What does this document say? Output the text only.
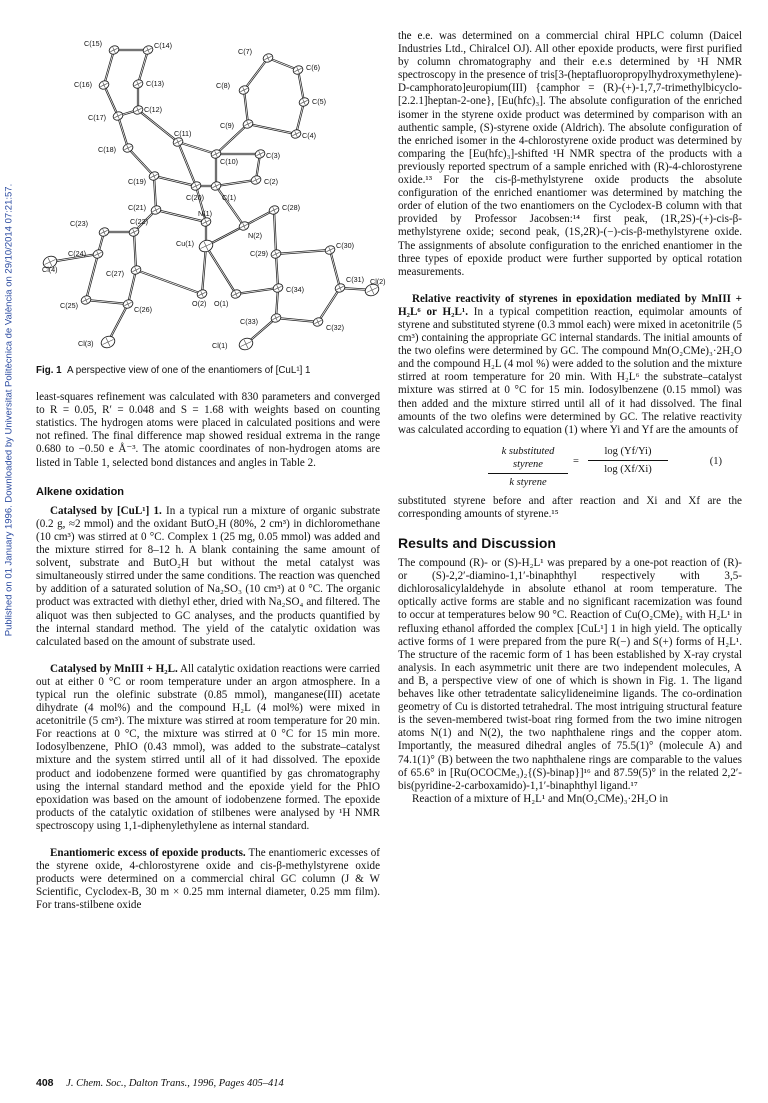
Published on 01 January 1996. Downloaded by Universitat Politècnica de València on 29/10/2014 07:21:57.
C(15)	C(14)
C(7)
C(6)
C(16)	C(13)	C(8)
C(5)
C(12)
C(17)
C(9)
C(4)
C(11)
C(18)
C(10)
C(3)
C(19)
C(20)	C(1)
C(2)
C(21)	C(28)
N(1)
N(2)
C(23)	C(22)
Cu(1)	C(30)
C(24)	C(29)
Cl(4)	C(27)
C(31) Cl(2)
C(34)
O(2) O(1)
C(25)	C(26)
C(33)
C(32)
Cl(3)	Cl(1)

Fig. 1 A perspective view of one of the enantiomers of [CuL¹] 1

least-squares refinement was calculated with 830 parameters and converged to R = 0.05, R′ = 0.048 and S = 1.68 with weights based on counting statistics. The hydrogen atoms were placed in calculated positions and were not refined. The final difference map showed residual extrema in the range 0.680 to −0.50 e Å⁻³. The atomic coordinates of non-hydrogen atoms are listed in Table 1, selected bond distances and angles in Table 2.

Alkene oxidation

Catalysed by [CuL¹] 1. In a typical run a mixture of organic substrate (0.2 g, ≈2 mmol) and the oxidant ButO₂H (80%, 2 cm³) in dichloromethane (10 cm³) was stirred at 0 °C. Complex 1 (25 mg, 0.05 mmol) was added and the mixture stirred for 8–12 h. A blank containing the same amount of solvent, substrate and ButO₂H but without the metal catalyst was simultaneously stirred under the same conditions. The reaction was quenched by addition of a saturated solution of Na₂SO₃ (10 cm³) at 0 °C. The organic product was extracted with diethyl ether, dried with Na₂SO₄ and filtered. The aliquot was then subjected to GC analyses, and the products quantified by the internal standard method. The yield of the catalytic oxidation was calculated based on the amount of substrate used.

Catalysed by MnIII + H₂L. All catalytic oxidation reactions were carried out at either 0 °C or room temperature under an argon atmosphere. In a typical run the olefinic substrate (0.85 mmol), manganese(III) acetate dihydrate (4 mol%) and the compound H₂L (4 mol%) were mixed in acetonitrile (5 cm³). The mixture was stirred at room temperature for 20 min. For reactions at 0 °C, the mixture was stirred at 0 °C for 15 min more. Iodosylbenzene, PhIO (0.43 mmol), was added to the substrate–catalyst mixture and the system stirred until all of it had dissolved. The epoxide product and iodobenzene formed were quantified by gas chromatography using the internal standard method and the epoxide yield for the PhIO epoxidation was based on the amount of iodobenzene formed. The epoxide products of the catalytic oxidation of stilbenes were analysed by ¹H NMR spectroscopy using 1,1-diphenylethylene as internal standard.

Enantiomeric excess of epoxide products. The enantiomeric excesses of the styrene oxide, 4-chlorostyrene oxide and cis-β-methylstyrene oxide products were determined on a commercial chiral GC column (J & W Scientific, Cyclodex-B, 30 m × 0.25 mm internal diameter, 0.25 mm film). For trans-stilbene oxide

the e.e. was determined on a commercial chiral HPLC column (Daicel Industries Ltd., Chiralcel OJ). All other epoxide products, were first purified by column chromatography and their e.e.s determined by ¹H NMR spectroscopy in the presence of tris[3-(heptafluoropropylhydroxymethylene)-D-camphorato]europium(III) {camphor = (R)-(+)-1,7,7-trimethylbicyclo-[2.2.1]heptan-2-one}, [Eu(hfc)₃]. The absolute configuration of the enriched isomer in the styrene oxide product was determined by comparison with an authentic sample, (S)-styrene oxide (Aldrich). The absolute configuration of the enriched isomer in the 4-chlorostyrene oxide product was determined by comparing the [Eu(hfc)₃]-shifted ¹H NMR spectra of the products with a previously reported spectrum of a sample enriched with (R)-4-chlorostyrene oxide.¹³ For the cis-β-methylstyrene oxide products the absolute configuration of the enriched enantiomer was determined by matching the order of elution of the two enantiomers on the Cyclodex-B column with that provided by Professor Jacobsen:¹⁴ first peak, (1R,2S)-(+)-cis-β-methylstyrene oxide; second peak, (1S,2R)-(−)-cis-β-methylstyrene oxide. The assignments of absolute configuration to the enriched enantiomer in the three types of epoxide product were further supported by optical rotation measurements.

Relative reactivity of styrenes in epoxidation mediated by MnIII + H₂L⁶ or H₂L¹. In a typical competition reaction, equimolar amounts of styrene and substituted styrene (0.3 mmol each) were mixed in acetonitrile (5 cm³) containing the appropriate GC internal standards. The initial amounts of the two olefins were determined by GC. The compound Mn(O₂CMe)₃·2H₂O and the compound H₂L (4 mol %) were added to the solution and the mixture stirred at room temperature for 20 min. With H₂L⁶ the substrate–catalyst mixture was stirred at 0 °C for 15 min. Iodosylbenzene (0.15 mmol) was then added and the mixture stirred until all of it had dissolved. The final amounts of the two olefins were determined by GC. The relative reactivity was calculated according to equation (1) where Yi and Yf are the amounts of

k substituted styrene
k styrene
= $\frac{\log (Yf/Yi)}{\log (Xf/Xi)}$	(1)

substituted styrene before and after reaction and Xi and Xf are the corresponding amounts of styrene.¹⁵

Results and Discussion

The compound (R)- or (S)-H₂L¹ was prepared by a one-pot reaction of (R)- or (S)-2,2′-diamino-1,1′-binaphthyl respectively with 3,5-dichlorosalicylaldehyde in absolute ethanol at room temperature. The optically active forms are stable and no significant racemization was found to occur at temperatures below 90 °C. Reaction of Cu(O₂CMe)₂ with H₂L¹ in refluxing ethanol afforded the complex [CuL¹] 1 in high yield. The optically active forms of 1 were prepared from the pure R(−) and S(+) forms of H₂L¹. The structure of the racemic form of 1 has been established by X-ray crystal analysis. In each asymmetric unit there are two independent molecules, A and B, a perspective view of one of which is shown in Fig. 1. The ligand behaves like other tetradentate salicylideneimine ligands. The co-ordination geometry of Cu is distorted tetrahedral. The most intriguing structural feature is the seven-membered twist-boat ring formed from the two imine nitrogen atoms N(1) and N(2), the two naphthalene rings and the copper atom. Importantly, the measured dihedral angles of 75.5(1)° (molecule A) and 74.1(1)° (B) between the two naphthalene rings are comparable to the values of 65.6° in [Ru(OCOCMe₃)₂{(S)-binap}]¹⁶ and 87.59(5)° in the related 2,2′-bis(pyridine-2-carboxamido)-1,1′-binaphthyl ligand.¹⁷

Reaction of a mixture of H₂L¹ and Mn(O₂CMe)₃·2H₂O in

408 J. Chem. Soc., Dalton Trans., 1996, Pages 405–414
